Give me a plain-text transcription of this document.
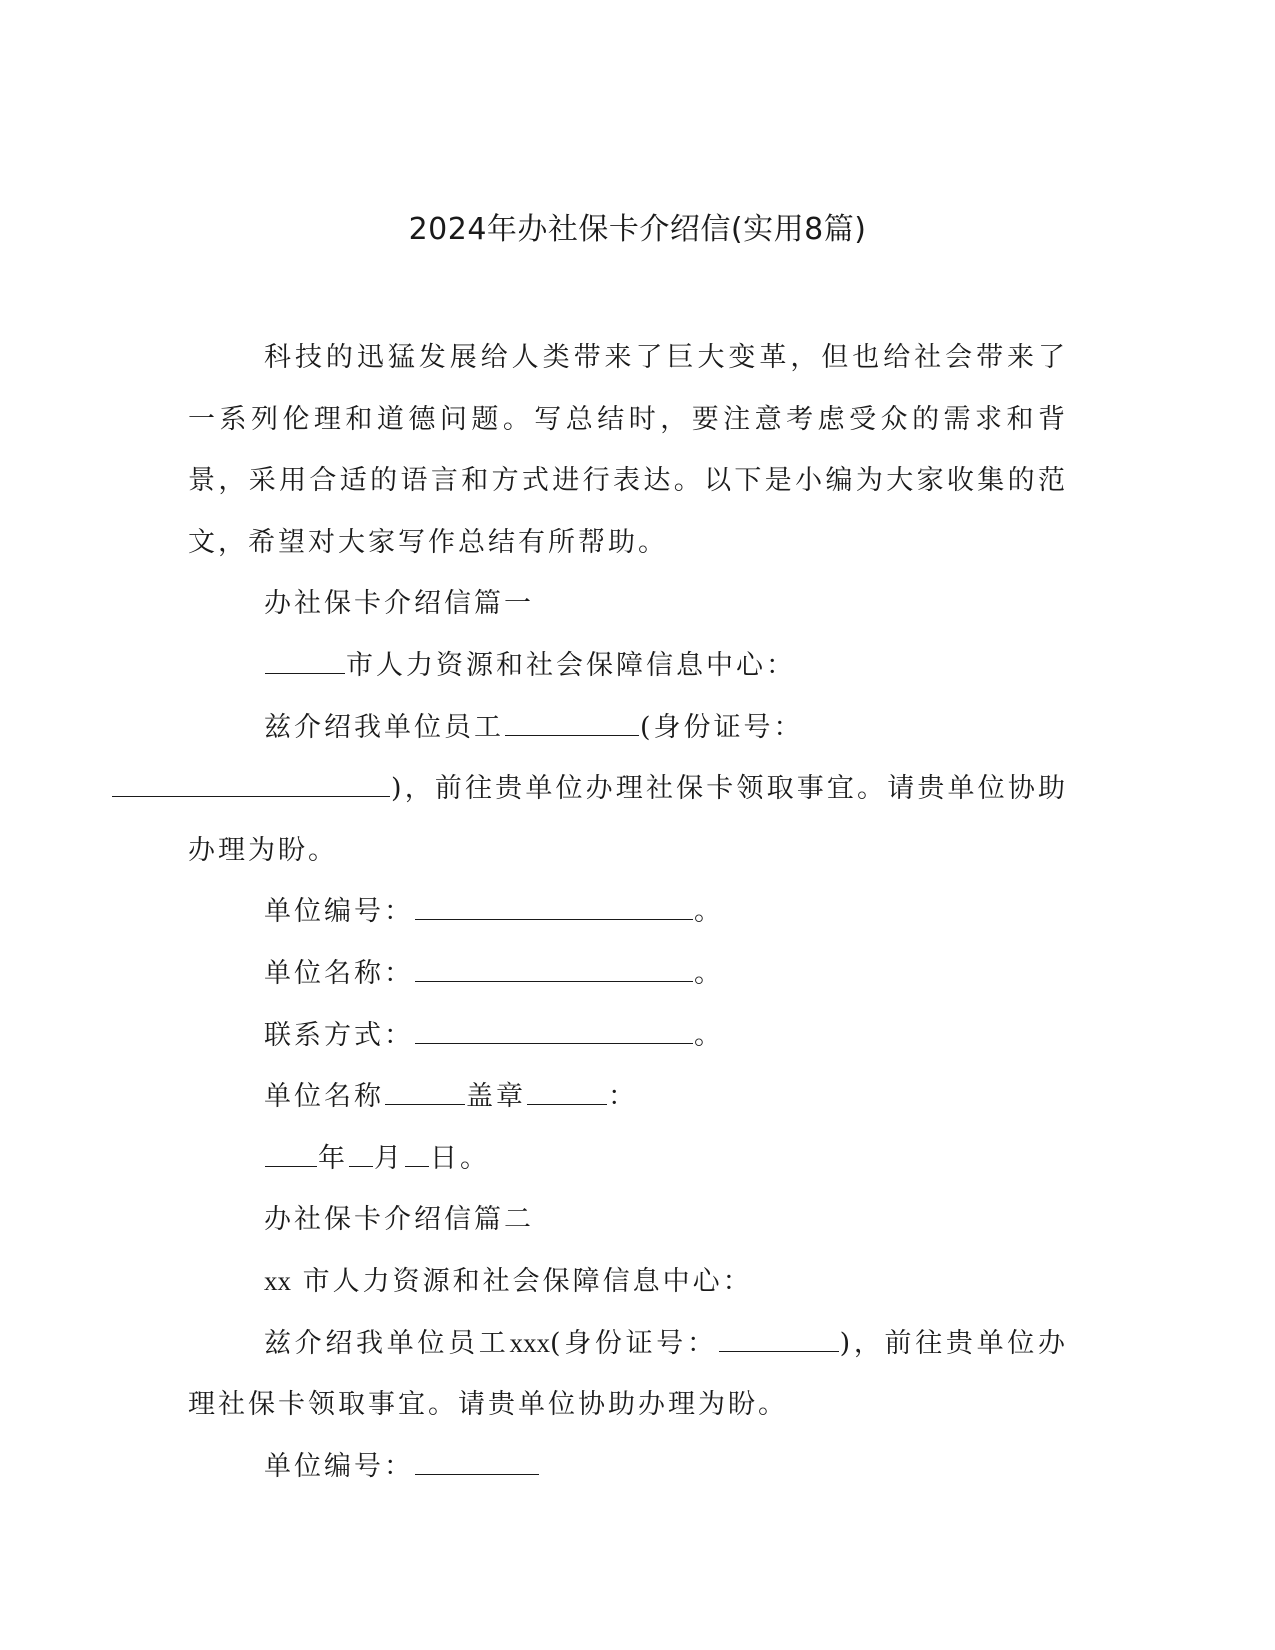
2024年办社保卡介绍信(实用8篇)

科技的迅猛发展给人类带来了巨大变革，但也给社会带来了一系列伦理和道德问题。写总结时，要注意考虑受众的需求和背景，采用合适的语言和方式进行表达。以下是小编为大家收集的范文，希望对大家写作总结有所帮助。

办社保卡介绍信篇一

市人力资源和社会保障信息中心：

兹介绍我单位员工	(身份证号：
)，前往贵单位办理社保卡领取事宜。请贵单位协助办理为盼。

单位编号：	。

单位名称：	。

联系方式：	。

单位名称	盖章	：

年 月 日。

办社保卡介绍信篇二

xx 市人力资源和社会保障信息中心：

兹介绍我单位员工xxx(身份证号：	)，前往贵单位办理社保卡领取事宜。请贵单位协助办理为盼。

单位编号：
